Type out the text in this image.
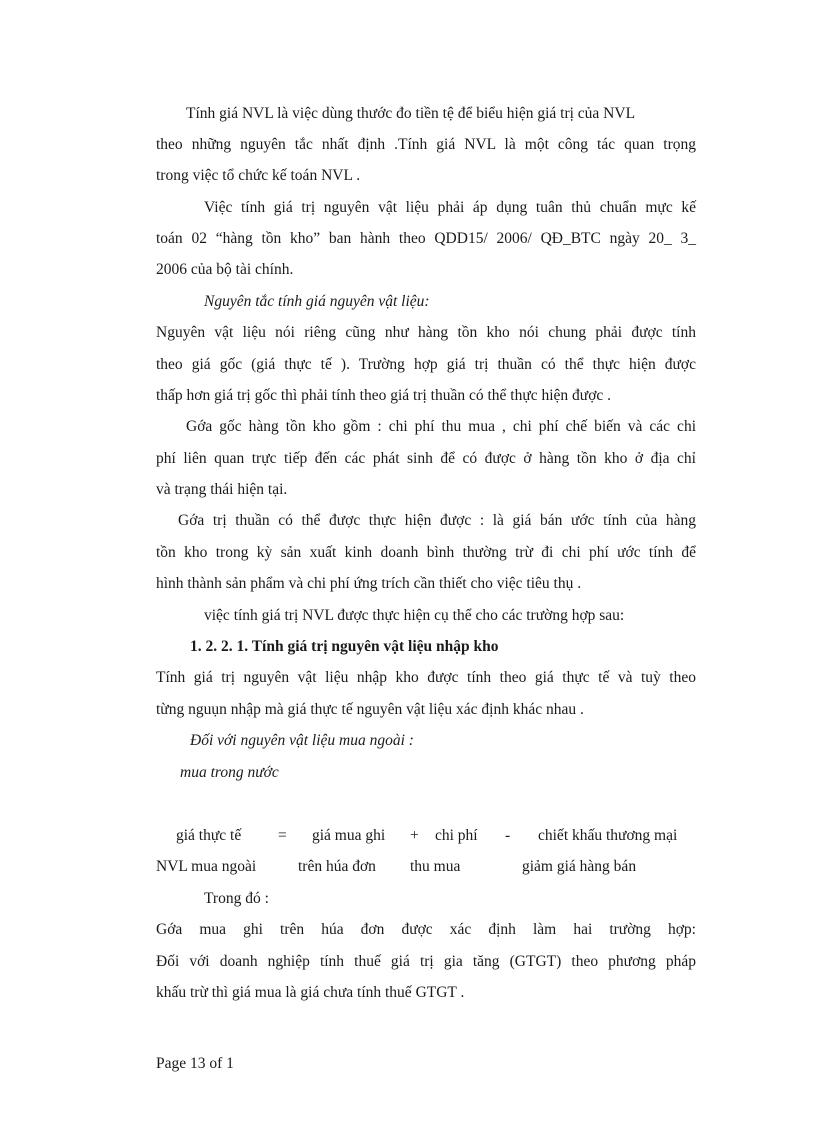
Tính giá NVL là việc dùng thước đo tiền tệ để biểu hiện giá trị của NVL
theo những nguyên tắc nhất định .Tính giá NVL là một công tác quan trọng
trong việc tổ chức kế toán NVL .
Việc tính giá trị nguyên vật liệu phải áp dụng tuân thủ chuẩn mực kế
toán 02 “hàng tồn kho” ban hành theo QDD15/ 2006/ QĐ_BTC ngày 20_ 3_
2006 của bộ tài chính.
Nguyên tắc tính giá nguyên vật liệu:
Nguyên vật liệu nói riêng cũng như hàng tồn kho nói chung phải được tính
theo giá gốc (giá thực tế ). Trường hợp giá trị thuần có thể thực hiện được
thấp hơn giá trị gốc thì phải tính theo giá trị thuần có thể thực hiện được .
Gớa gốc hàng tồn kho gồm : chi phí thu mua , chi phí chế biến và các chi
phí liên quan trực tiếp đến các phát sinh để có được ở hàng tồn kho ở địa chỉ
và trạng thái hiện tại.
Gớa trị thuần có thể được thực hiện được : là giá bán ước tính của hàng
tồn kho trong kỳ sản xuất kinh doanh bình thường trừ đi chi phí ước tính để
hình thành sản phẩm và chi phí ứng trích cần thiết cho việc tiêu thụ .
việc tính giá trị NVL được thực hiện cụ thể cho các trường hợp sau:
1. 2. 2. 1. Tính giá trị nguyên vật liệu nhập kho
Tính giá trị nguyên vật liệu nhập kho được tính theo giá thực tế và tuỳ theo
từng nguụn nhập mà giá thực tế nguyên vật liệu xác định khác nhau .
Đối với nguyên vật liệu mua ngoài :
mua trong nước
giá thực tế = giá mua ghi + chi phí - chiết khấu thương mại
NVL mua ngoài	trên húa đơn thu mua	giảm giá hàng bán
Trong đó :
Gớa mua ghi trên húa đơn được xác định làm hai trường hợp:
Đối với doanh nghiệp tính thuế giá trị gia tăng (GTGT) theo phương pháp
khấu trừ thì giá mua là giá chưa tính thuế GTGT .
Page 13 of 1
